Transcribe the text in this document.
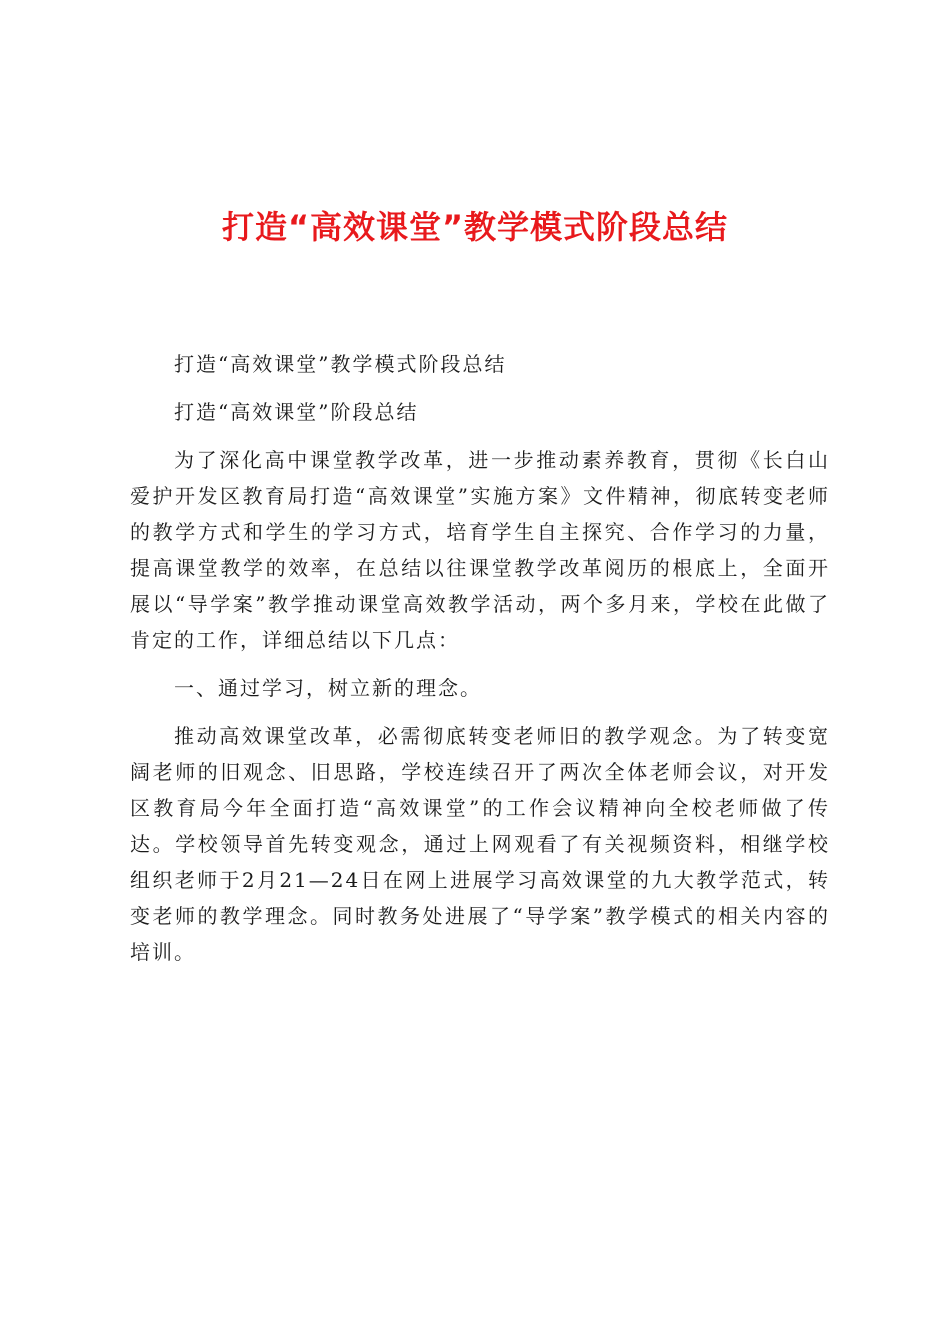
打造“高效课堂”教学模式阶段总结

打造“高效课堂”教学模式阶段总结

打造“高效课堂”阶段总结

为了深化高中课堂教学改革，进一步推动素养教育，贯彻《长白山爱护开发区教育局打造“高效课堂”实施方案》文件精神，彻底转变老师的教学方式和学生的学习方式，培育学生自主探究、合作学习的力量，提高课堂教学的效率，在总结以往课堂教学改革阅历的根底上，全面开展以“导学案”教学推动课堂高效教学活动，两个多月来，学校在此做了肯定的工作，详细总结以下几点：

一、通过学习，树立新的理念。

推动高效课堂改革，必需彻底转变老师旧的教学观念。为了转变宽阔老师的旧观念、旧思路，学校连续召开了两次全体老师会议，对开发区教育局今年全面打造“高效课堂”的工作会议精神向全校老师做了传达。学校领导首先转变观念，通过上网观看了有关视频资料，相继学校组织老师于2月21—24日在网上进展学习高效课堂的九大教学范式，转变老师的教学理念。同时教务处进展了“导学案”教学模式的相关内容的培训。
